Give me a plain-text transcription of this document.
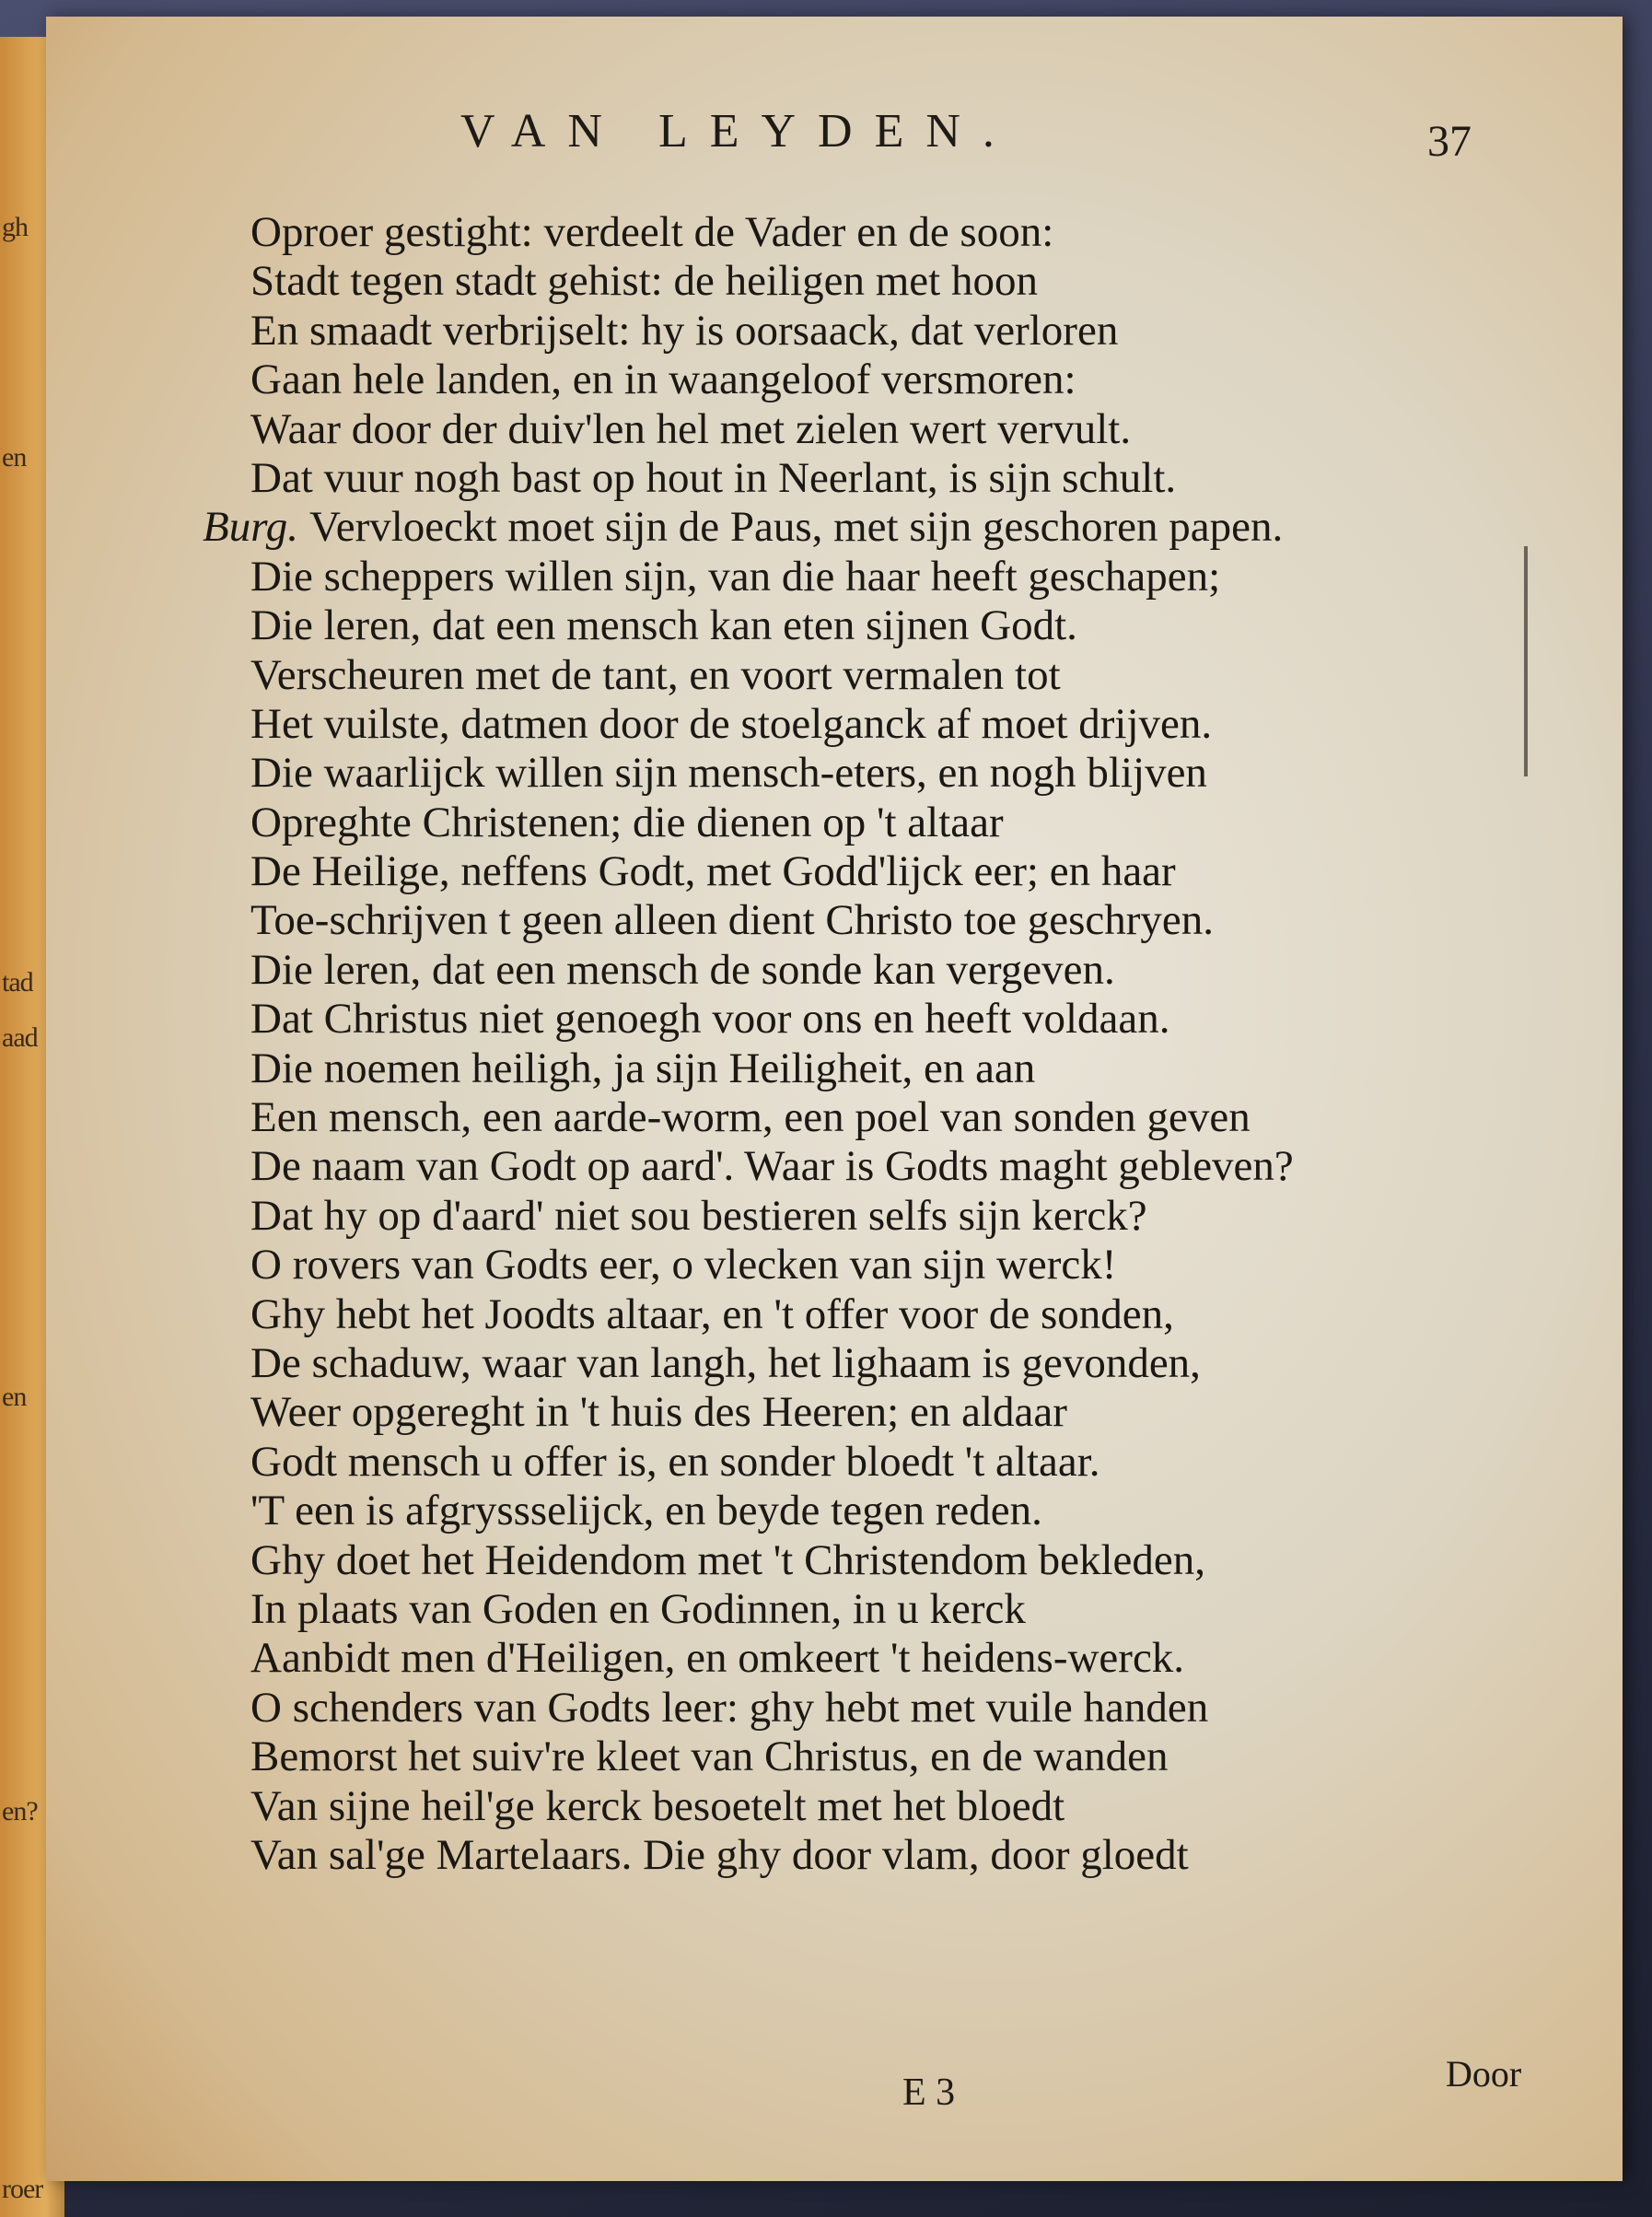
gh
en
tad
aad
en
en?
roer
VAN LEYDEN.	37
Oproer gestight: verdeelt de Vader en de soon:
Stadt tegen stadt gehist: de heiligen met hoon
En smaadt verbrijselt: hy is oorsaack, dat verloren
Gaan hele landen, en in waangeloof versmoren:
Waar door der duiv'len hel met zielen wert vervult.
Dat vuur nogh bast op hout in Neerlant, is sijn schult.
Burg. Vervloeckt moet sijn de Paus, met sijn geschoren papen.
Die scheppers willen sijn, van die haar heeft geschapen;
Die leren, dat een mensch kan eten sijnen Godt.
Verscheuren met de tant, en voort vermalen tot
Het vuilste, datmen door de stoelganck af moet drijven.
Die waarlijck willen sijn mensch-eters, en nogh blijven
Opreghte Christenen; die dienen op 't altaar
De Heilige, neffens Godt, met Godd'lijck eer; en haar
Toe-schrijven t geen alleen dient Christo toe geschryen.
Die leren, dat een mensch de sonde kan vergeven.
Dat Christus niet genoegh voor ons en heeft voldaan.
Die noemen heiligh, ja sijn Heiligheit, en aan
Een mensch, een aarde-worm, een poel van sonden geven
De naam van Godt op aard'. Waar is Godts maght gebleven?
Dat hy op d'aard' niet sou bestieren selfs sijn kerck?
O rovers van Godts eer, o vlecken van sijn werck!
Ghy hebt het Joodts altaar, en 't offer voor de sonden,
De schaduw, waar van langh, het lighaam is gevonden,
Weer opgereght in 't huis des Heeren; en aldaar
Godt mensch u offer is, en sonder bloedt 't altaar.
'T een is afgryssselijck, en beyde tegen reden.
Ghy doet het Heidendom met 't Christendom bekleden,
In plaats van Goden en Godinnen, in u kerck
Aanbidt men d'Heiligen, en omkeert 't heidens-werck.
O schenders van Godts leer: ghy hebt met vuile handen
Bemorst het suiv're kleet van Christus, en de wanden
Van sijne heil'ge kerck besoetelt met het bloedt
Van sal'ge Martelaars. Die ghy door vlam, door gloedt
E 3	Door
